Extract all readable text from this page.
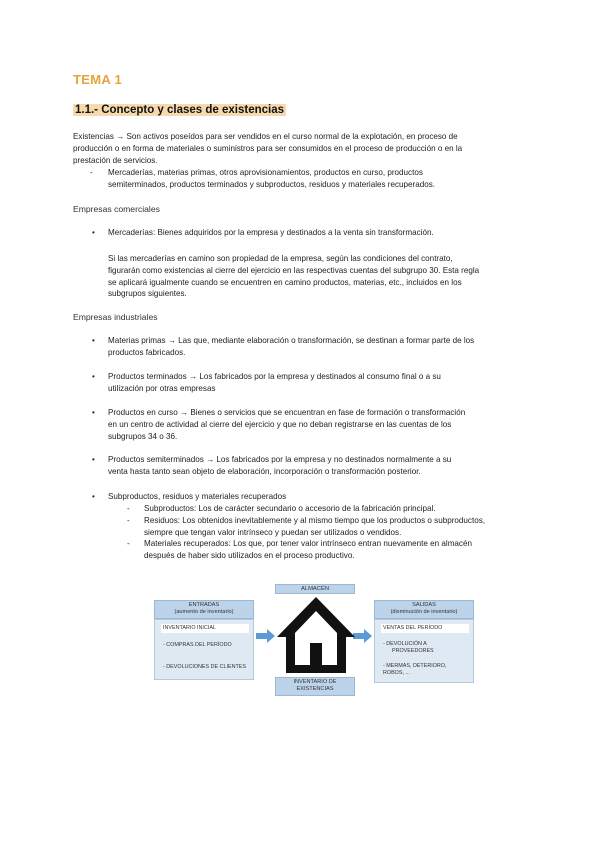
TEMA 1
1.1.- Concepto y clases de existencias
Existencias → Son activos poseídos para ser vendidos en el curso normal de la explotación, en proceso de
producción o en forma de materiales o suministros para ser consumidos en el proceso de producción o en la
prestación de servicios.
- Mercaderías, materias primas, otros aprovisionamientos, productos en curso, productos
semiterminados, productos terminados y subproductos, residuos y materiales recuperados.
Empresas comerciales
• Mercaderías: Bienes adquiridos por la empresa y destinados a la venta sin transformación.
Si las mercaderías en camino son propiedad de la empresa, según las condiciones del contrato,
figurarán como existencias al cierre del ejercicio en las respectivas cuentas del subgrupo 30. Esta regla
se aplicará igualmente cuando se encuentren en camino productos, materias, etc., incluidos en los
subgrupos siguientes.
Empresas industriales
• Materias primas → Las que, mediante elaboración o transformación, se destinan a formar parte de los
productos fabricados.
• Productos terminados → Los fabricados por la empresa y destinados al consumo final o a su
utilización por otras empresas
• Productos en curso → Bienes o servicios que se encuentran en fase de formación o transformación
en un centro de actividad al cierre del ejercicio y que no deban registrarse en las cuentas de los
subgrupos 34 o 36.
• Productos semiterminados → Los fabricados por la empresa y no destinados normalmente a su
venta hasta tanto sean objeto de elaboración, incorporación o transformación posterior.
• Subproductos, residuos y materiales recuperados
- Subproductos: Los de carácter secundario o accesorio de la fabricación principal.
- Residuos: Los obtenidos inevitablemente y al mismo tiempo que los productos o subproductos,
siempre que tengan valor intrínseco y puedan ser utilizados o vendidos.
- Materiales recuperados: Los que, por tener valor intrínseco entran nuevamente en almacén
después de haber sido utilizados en el proceso productivo.
ENTRADAS
(aumento de inventario)
INVENTARIO INICIAL
- COMPRAS DEL PERÍODO
- DEVOLUCIONES DE CLIENTES
ALMACÉN
INVENTARIO DE
EXISTENCIAS
SALIDAS
(disminución de inventario)
VENTAS DEL PERÍODO
- DEVOLUCIÓN A
PROVEEDORES
- MERMAS, DETERIORO,
ROBOS, ...
